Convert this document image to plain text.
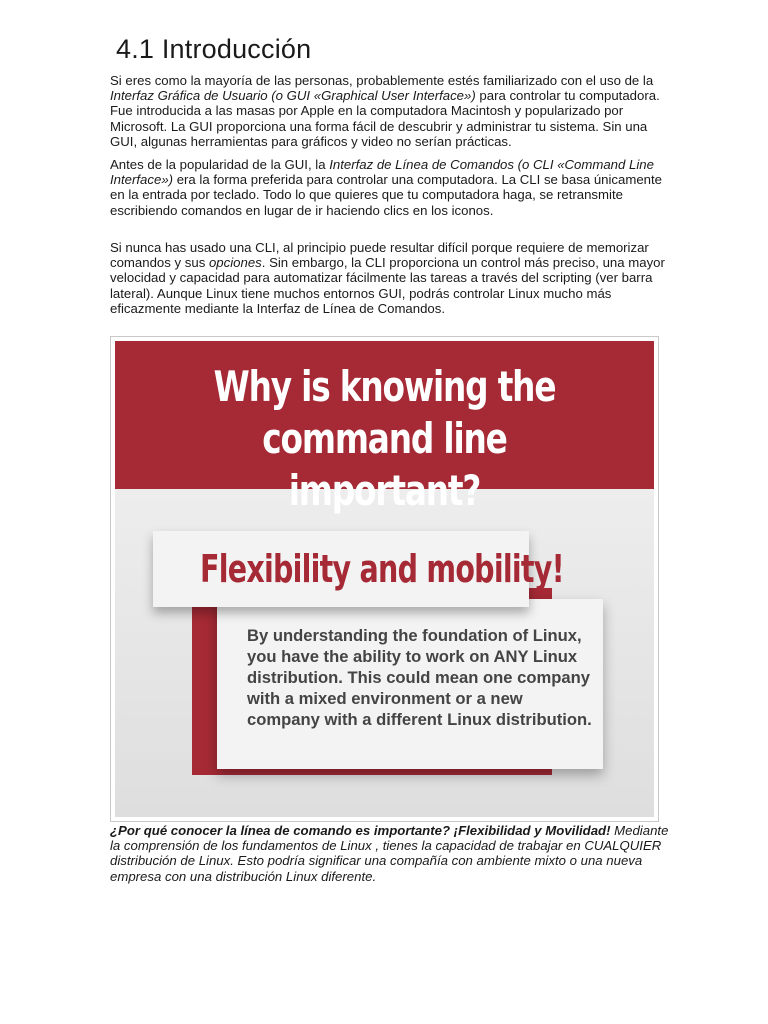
4.1 Introducción

Si eres como la mayoría de las personas, probablemente estés familiarizado con el uso de la Interfaz Gráfica de Usuario (o GUI «Graphical User Interface») para controlar tu computadora. Fue introducida a las masas por Apple en la computadora Macintosh y popularizado por Microsoft. La GUI proporciona una forma fácil de descubrir y administrar tu sistema. Sin una GUI, algunas herramientas para gráficos y video no serían prácticas.

Antes de la popularidad de la GUI, la Interfaz de Línea de Comandos (o CLI «Command Line Interface») era la forma preferida para controlar una computadora. La CLI se basa únicamente en la entrada por teclado. Todo lo que quieres que tu computadora haga, se retransmite escribiendo comandos en lugar de ir haciendo clics en los iconos.

Si nunca has usado una CLI, al principio puede resultar difícil porque requiere de memorizar comandos y sus opciones. Sin embargo, la CLI proporciona un control más preciso, una mayor velocidad y capacidad para automatizar fácilmente las tareas a través del scripting (ver barra lateral). Aunque Linux tiene muchos entornos GUI, podrás controlar Linux mucho más eficazmente mediante la Interfaz de Línea de Comandos.

Why is knowing the command line important?
By understanding the foundation of Linux, you have the ability to work on ANY Linux distribution. This could mean one company with a mixed environment or a new company with a different Linux distribution.
Flexibility and mobility!

¿Por qué conocer la línea de comando es importante? ¡Flexibilidad y Movilidad! Mediante la comprensión de los fundamentos de Linux , tienes la capacidad de trabajar en CUALQUIER distribución de Linux. Esto podría significar una compañía con ambiente mixto o una nueva empresa con una distribución Linux diferente.
